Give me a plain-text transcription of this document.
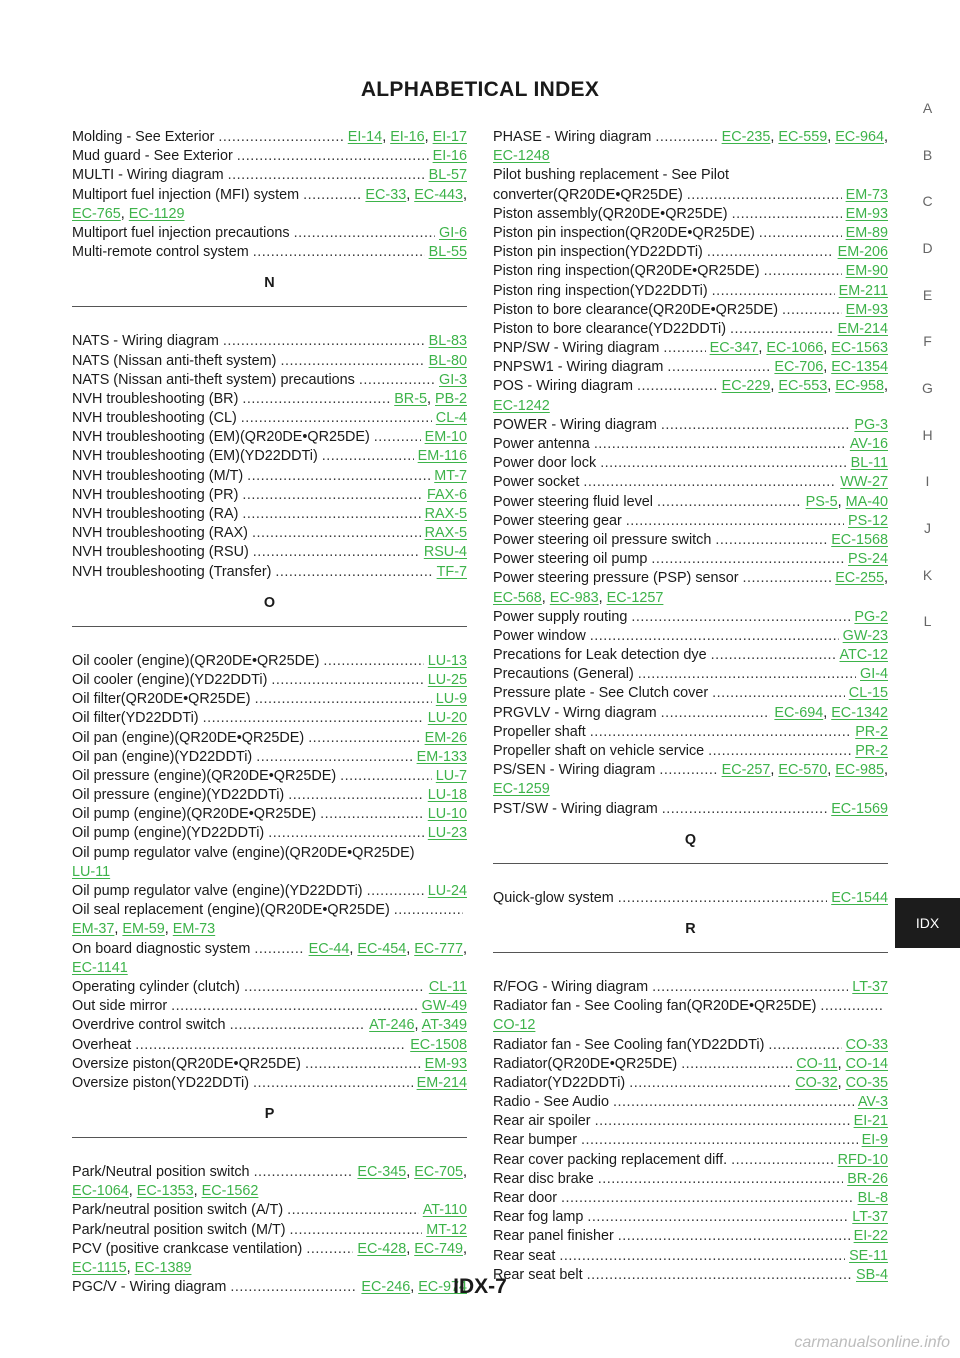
ALPHABETICAL INDEX
Molding - See Exterior .....	EI-14, EI-16, EI-17
Mud guard - See Exterior .....	EI-16
MULTI - Wiring diagram .....	BL-57
Multiport fuel injection (MFI) system .....	EC-33, EC-443,
EC-765, EC-1129
Multiport fuel injection precautions .....	GI-6
Multi-remote control system .....	BL-55
N
NATS - Wiring diagram .....	BL-83
NATS (Nissan anti-theft system) .....	BL-80
NATS (Nissan anti-theft system) precautions .....	GI-3
NVH troubleshooting (BR) .....	BR-5, PB-2
NVH troubleshooting (CL) .....	CL-4
NVH troubleshooting (EM)(QR20DE•QR25DE) .....	EM-10
NVH troubleshooting (EM)(YD22DDTi) .....	EM-116
NVH troubleshooting (M/T) .....	MT-7
NVH troubleshooting (PR) .....	FAX-6
NVH troubleshooting (RA) .....	RAX-5
NVH troubleshooting (RAX) .....	RAX-5
NVH troubleshooting (RSU) .....	RSU-4
NVH troubleshooting (Transfer) .....	TF-7
O
Oil cooler (engine)(QR20DE•QR25DE) .....	LU-13
Oil cooler (engine)(YD22DDTi) .....	LU-25
Oil filter(QR20DE•QR25DE) .....	LU-9
Oil filter(YD22DDTi) .....	LU-20
Oil pan (engine)(QR20DE•QR25DE) .....	EM-26
Oil pan (engine)(YD22DDTi) .....	EM-133
Oil pressure (engine)(QR20DE•QR25DE) .....	LU-7
Oil pressure (engine)(YD22DDTi) .....	LU-18
Oil pump (engine)(QR20DE•QR25DE) .....	LU-10
Oil pump (engine)(YD22DDTi) .....	LU-23
Oil pump regulator valve (engine)(QR20DE•QR25DE)
LU-11
Oil pump regulator valve (engine)(YD22DDTi) .....	LU-24
Oil seal replacement (engine)(QR20DE•QR25DE)
.....
EM-37, EM-59, EM-73
On board diagnostic system .....	EC-44, EC-454, EC-777,
EC-1141
Operating cylinder (clutch) .....	CL-11
Out side mirror .....	GW-49
Overdrive control switch .....	AT-246, AT-349
Overheat .....	EC-1508
Oversize piston(QR20DE•QR25DE) .....	EM-93
Oversize piston(YD22DDTi) .....	EM-214
P
Park/Neutral position switch .....	EC-345, EC-705,
EC-1064, EC-1353, EC-1562
Park/neutral position switch (A/T) .....	AT-110
Park/neutral position switch (M/T) .....	MT-12
PCV (positive crankcase ventilation) .....	EC-428, EC-749,
EC-1115, EC-1389
PGC/V - Wiring diagram .....	EC-246, EC-974
PHASE - Wiring diagram .....	EC-235, EC-559, EC-964,
EC-1248
Pilot bushing replacement - See Pilot
converter(QR20DE•QR25DE) .....	EM-73
Piston assembly(QR20DE•QR25DE) .....	EM-93
Piston pin inspection(QR20DE•QR25DE) .....	EM-89
Piston pin inspection(YD22DDTi) .....	EM-206
Piston ring inspection(QR20DE•QR25DE) .....	EM-90
Piston ring inspection(YD22DDTi) .....	EM-211
Piston to bore clearance(QR20DE•QR25DE) .....	EM-93
Piston to bore clearance(YD22DDTi) .....	EM-214
PNP/SW - Wiring diagram .....	EC-347, EC-1066, EC-1563
PNPSW1 - Wiring diagram .....	EC-706, EC-1354
POS - Wiring diagram .....	EC-229, EC-553, EC-958,
EC-1242
POWER - Wiring diagram .....	PG-3
Power antenna .....	AV-16
Power door lock .....	BL-11
Power socket .....	WW-27
Power steering fluid level .....	PS-5, MA-40
Power steering gear .....	PS-12
Power steering oil pressure switch .....	EC-1568
Power steering oil pump .....	PS-24
Power steering pressure (PSP) sensor .....	EC-255,
EC-568, EC-983, EC-1257
Power supply routing .....	PG-2
Power window .....	GW-23
Precations for Leak detection dye .....	ATC-12
Precautions (General) .....	GI-4
Pressure plate - See Clutch cover .....	CL-15
PRGVLV - Wirng diagram .....	EC-694, EC-1342
Propeller shaft .....	PR-2
Propeller shaft on vehicle service .....	PR-2
PS/SEN - Wiring diagram .....	EC-257, EC-570, EC-985,
EC-1259
PST/SW - Wiring diagram .....	EC-1569
Q
Quick-glow system .....	EC-1544
R
R/FOG - Wiring diagram .....	LT-37
Radiator fan - See Cooling fan(QR20DE•QR25DE)
.....
CO-12
Radiator fan - See Cooling fan(YD22DDTi) .....	CO-33
Radiator(QR20DE•QR25DE) .....	CO-11, CO-14
Radiator(YD22DDTi) .....	CO-32, CO-35
Radio - See Audio .....	AV-3
Rear air spoiler .....	EI-21
Rear bumper .....	EI-9
Rear cover packing replacement diff. .....	RFD-10
Rear disc brake .....	BR-26
Rear door .....	BL-8
Rear fog lamp .....	LT-37
Rear panel finisher .....	EI-22
Rear seat .....	SE-11
Rear seat belt .....	SB-4
A
B
C
D
E
F
G
H
I
J
K
L
IDX
IDX-7
carmanualsonline.info
